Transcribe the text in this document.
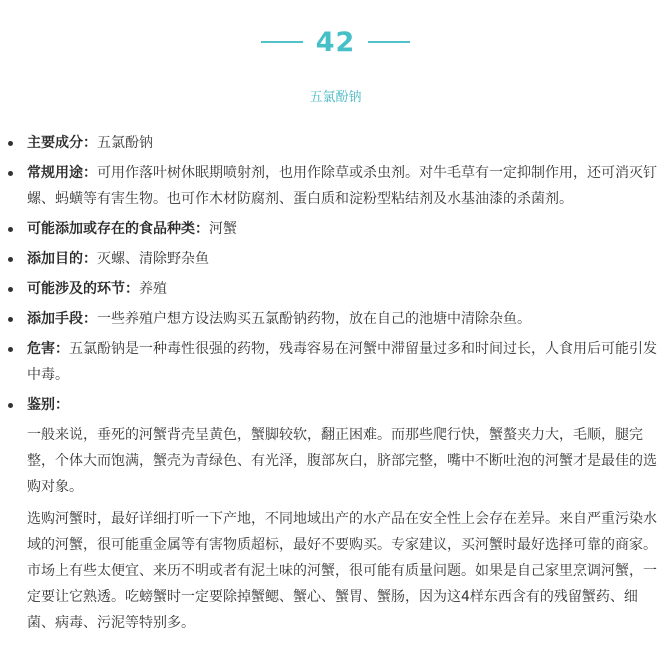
42
五氯酚钠
主要成分：五氯酚钠
常规用途：可用作落叶树休眠期喷射剂，也用作除草或杀虫剂。对牛毛草有一定抑制作用，还可消灭钉螺、蚂蟥等有害生物。也可作木材防腐剂、蛋白质和淀粉型粘结剂及水基油漆的杀菌剂。
可能添加或存在的食品种类：河蟹
添加目的：灭螺、清除野杂鱼
可能涉及的环节：养殖
添加手段：一些养殖户想方设法购买五氯酚钠药物，放在自己的池塘中清除杂鱼。
危害：五氯酚钠是一种毒性很强的药物，残毒容易在河蟹中滞留量过多和时间过长，人食用后可能引发中毒。
鉴别：

一般来说，垂死的河蟹背壳呈黄色，蟹脚较软，翻正困难。而那些爬行快，蟹螯夹力大，毛顺，腿完整，个体大而饱满，蟹壳为青绿色、有光泽，腹部灰白，脐部完整，嘴中不断吐泡的河蟹才是最佳的选购对象。

选购河蟹时，最好详细打听一下产地，不同地域出产的水产品在安全性上会存在差异。来自严重污染水域的河蟹，很可能重金属等有害物质超标，最好不要购买。专家建议，买河蟹时最好选择可靠的商家。市场上有些太便宜、来历不明或者有泥土味的河蟹，很可能有质量问题。如果是自己家里烹调河蟹，一定要让它熟透。吃螃蟹时一定要除掉蟹鳃、蟹心、蟹胃、蟹肠，因为这4样东西含有的残留蟹药、细菌、病毒、污泥等特别多。
